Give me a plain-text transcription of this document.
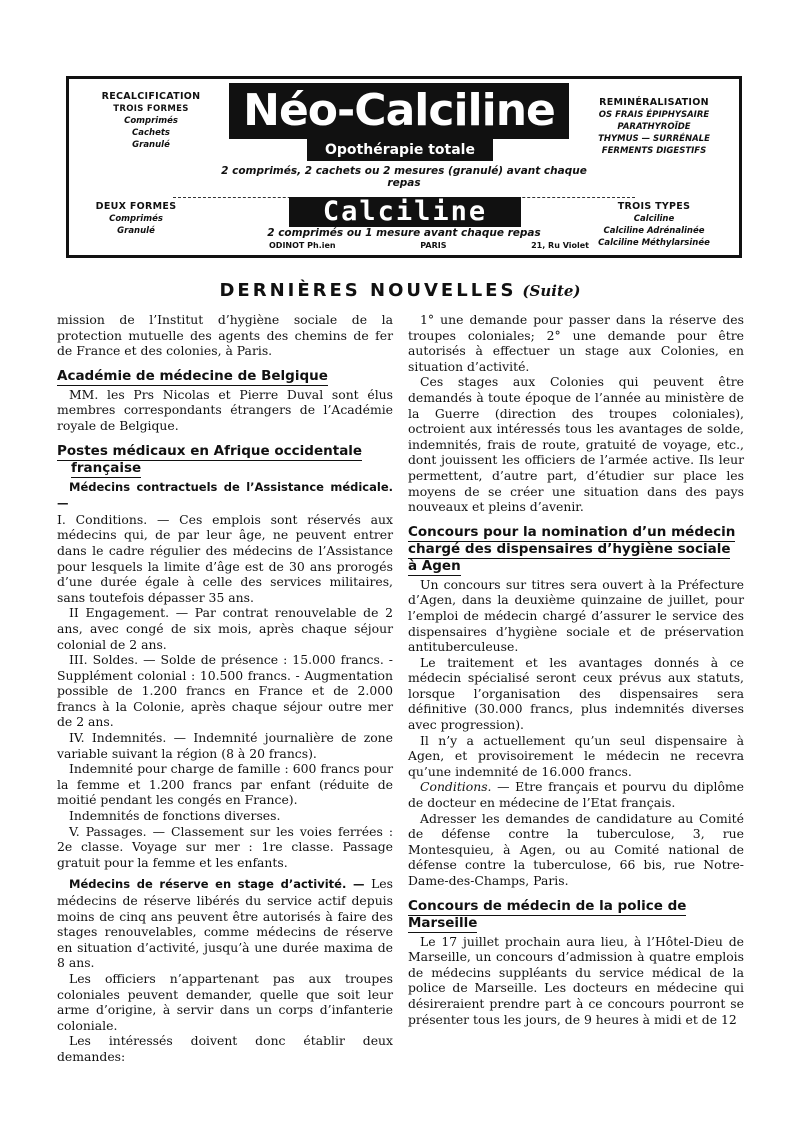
RECALCIFICATION
TROIS FORMES
Comprimés
Cachets
Granulé
REMINÉRALISATION
OS FRAIS ÉPIPHYSAIRE
PARATHYROÏDE
THYMUS — SURRÉNALE
FERMENTS DIGESTIFS
Néo-Calciline
Opothérapie totale
2 comprimés, 2 cachets ou 2 mesures (granulé) avant chaque repas
DEUX FORMES
Comprimés
Granulé
TROIS TYPES
Calciline
Calciline Adrénalinée
Calciline Méthylarsinée
Calciline
2 comprimés ou 1 mesure avant chaque repas
ODINOT Ph.ien	PARIS	21, Ru Violet
DERNIÈRES NOUVELLES (Suite)

mission de l’Institut d’hygiène sociale de la protection mutuelle des agents des chemins de fer de France et des colonies, à Paris.

Académie de médecine de Belgique

MM. les Prs Nicolas et Pierre Duval sont élus membres correspondants étrangers de l’Académie royale de Belgique.

Postes médicaux en Afrique occidentale
française

Médecins contractuels de l’Assistance médicale. —

I. Conditions. — Ces emplois sont réservés aux médecins qui, de par leur âge, ne peuvent entrer dans le cadre régulier des médecins de l’Assistance pour lesquels la limite d’âge est de 30 ans prorogés d’une durée égale à celle des services militaires, sans toutefois dépasser 35 ans.

II Engagement. — Par contrat renouvelable de 2 ans, avec congé de six mois, après chaque séjour colonial de 2 ans.

III. Soldes. — Solde de présence : 15.000 francs. - Supplément colonial : 10.500 francs. - Augmentation possible de 1.200 francs en France et de 2.000 francs à la Colonie, après chaque séjour outre mer de 2 ans.

IV. Indemnités. — Indemnité journalière de zone variable suivant la région (8 à 20 francs).

Indemnité pour charge de famille : 600 francs pour la femme et 1.200 francs par enfant (réduite de moitié pendant les congés en France).

Indemnités de fonctions diverses.

V. Passages. — Classement sur les voies ferrées : 2e classe. Voyage sur mer : 1re classe. Passage gratuit pour la femme et les enfants.

Médecins de réserve en stage d’activité. — Les médecins de réserve libérés du service actif depuis moins de cinq ans peuvent être autorisés à faire des stages renouvelables, comme médecins de réserve en situation d’activité, jusqu’à une durée maxima de 8 ans.

Les officiers n’appartenant pas aux troupes coloniales peuvent demander, quelle que soit leur arme d’origine, à servir dans un corps d’infanterie coloniale.

Les intéressés doivent donc établir deux demandes:

1° une demande pour passer dans la réserve des troupes coloniales; 2° une demande pour être autorisés à effectuer un stage aux Colonies, en situation d’activité.

Ces stages aux Colonies qui peuvent être demandés à toute époque de l’année au ministère de la Guerre (direction des troupes coloniales), octroient aux intéressés tous les avantages de solde, indemnités, frais de route, gratuité de voyage, etc., dont jouissent les officiers de l’armée active. Ils leur permettent, d’autre part, d’étudier sur place les moyens de se créer une situation dans des pays nouveaux et pleins d’avenir.

Concours pour la nomination d’un médecin chargé des dispensaires d’hygiène sociale à Agen

Un concours sur titres sera ouvert à la Préfecture d’Agen, dans la deuxième quinzaine de juillet, pour l’emploi de médecin chargé d’assurer le service des dispensaires d’hygiène sociale et de préservation antituberculeuse.

Le traitement et les avantages donnés à ce médecin spécialisé seront ceux prévus aux statuts, lorsque l’organisation des dispensaires sera définitive (30.000 francs, plus indemnités diverses avec progression).

Il n’y a actuellement qu’un seul dispensaire à Agen, et provisoirement le médecin ne recevra qu’une indemnité de 16.000 francs.

Conditions. — Etre français et pourvu du diplôme de docteur en médecine de l’Etat français.

Adresser les demandes de candidature au Comité de défense contre la tuberculose, 3, rue Montesquieu, à Agen, ou au Comité national de défense contre la tuberculose, 66 bis, rue Notre-Dame-des-Champs, Paris.

Concours de médecin de la police de Marseille

Le 17 juillet prochain aura lieu, à l’Hôtel-Dieu de Marseille, un concours d’admission à quatre emplois de médecins suppléants du service médical de la police de Marseille. Les docteurs en médecine qui désireraient prendre part à ce concours pourront se présenter tous les jours, de 9 heures à midi et de 12
